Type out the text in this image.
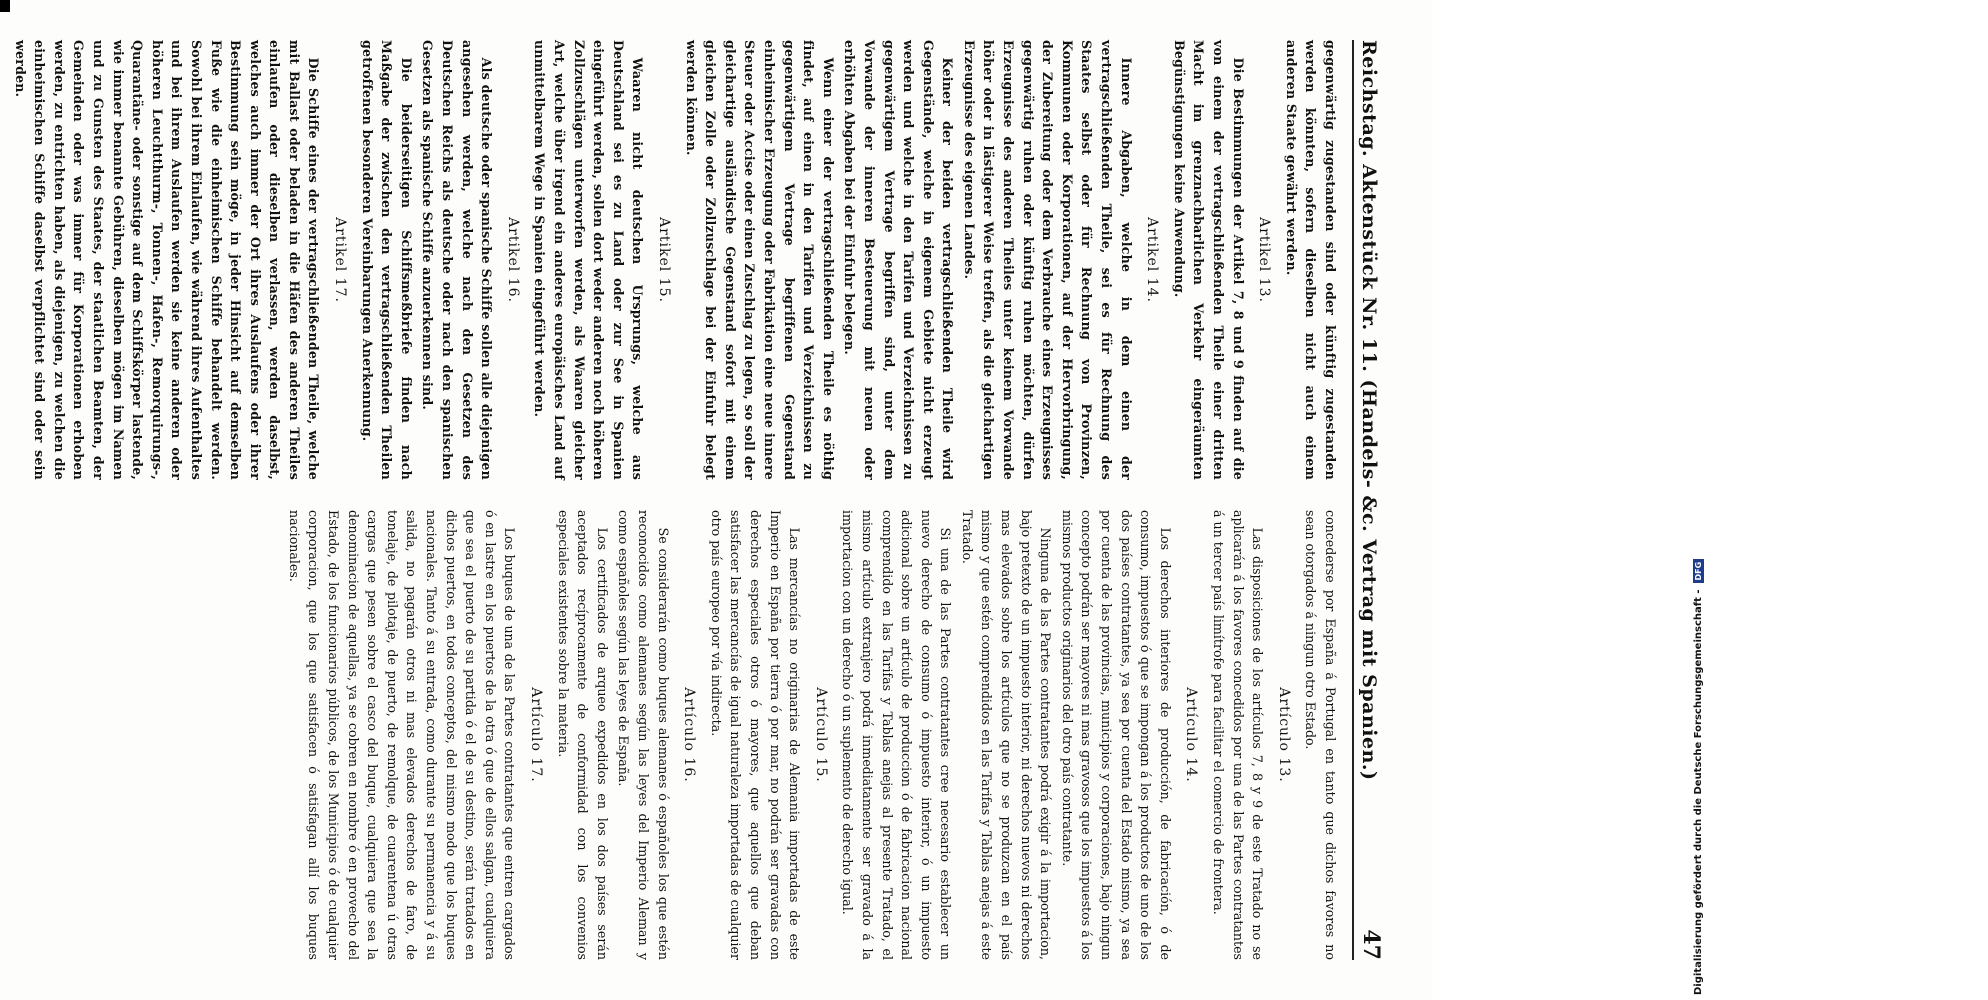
Reichstag. Aktenstück Nr. 11. (Handels- &c. Vertrag mit Spanien.)
47

gegenwärtig zugestanden sind oder künftig zugestanden werden könnten, sofern dieselben nicht auch einem anderen Staate gewährt werden.

Artikel 13.

Die Bestimmungen der Artikel 7, 8 und 9 finden auf die von einem der vertragschließenden Theile einer dritten Macht im grenznachbarlichen Verkehr eingeräumten Begünstigungen keine Anwendung.

Artikel 14.

Innere Abgaben, welche in dem einen der vertragschließenden Theile, sei es für Rechnung des Staates selbst oder für Rechnung von Provinzen, Kommunen oder Korporationen, auf der Hervorbringung, der Zubereitung oder dem Verbrauche eines Erzeugnisses gegenwärtig ruhen oder künftig ruhen möchten, dürfen Erzeugnisse des anderen Theiles unter keinem Vorwande höher oder in lästigerer Weise treffen, als die gleichartigen Erzeugnisse des eigenen Landes.

Keiner der beiden vertragschließenden Theile wird Gegenstände, welche in eigenem Gebiete nicht erzeugt werden und welche in den Tarifen und Verzeichnissen zu gegenwärtigem Vertrage begriffen sind, unter dem Vorwande der inneren Besteuerung mit neuen oder erhöhten Abgaben bei der Einfuhr belegen.

Wenn einer der vertragschließenden Theile es nöthig findet, auf einen in den Tarifen und Verzeichnissen zu gegenwärtigem Vertrage begriffenen Gegenstand einheimischer Erzeugung oder Fabrikation eine neue innere Steuer oder Accise oder einen Zuschlag zu legen, so soll der gleichartige ausländische Gegenstand sofort mit einem gleichen Zolle oder Zollzuschlage bei der Einfuhr belegt werden können.

Artikel 15.

Waaren nicht deutschen Ursprungs, welche aus Deutschland sei es zu Land oder zur See in Spanien eingeführt werden, sollen dort weder anderen noch höheren Zollzuschlägen unterworfen werden, als Waaren gleicher Art, welche über irgend ein anderes europäisches Land auf unmittelbarem Wege in Spanien eingeführt werden.

Artikel 16.

Als deutsche oder spanische Schiffe sollen alle diejenigen angesehen werden, welche nach den Gesetzen des Deutschen Reichs als deutsche oder nach den spanischen Gesetzen als spanische Schiffe anzuerkennen sind.

Die beiderseitigen Schiffsmeßbriefe finden nach Maßgabe der zwischen den vertragschließenden Theilen getroffenen besonderen Vereinbarungen Anerkennung.

Artikel 17.

Die Schiffe eines der vertragschließenden Theile, welche mit Ballast oder beladen in die Häfen des anderen Theiles einlaufen oder dieselben verlassen, werden daselbst, welches auch immer der Ort ihres Auslaufens oder ihrer Bestimmung sein möge, in jeder Hinsicht auf demselben Fuße wie die einheimischen Schiffe behandelt werden. Sowohl bei ihrem Einlaufen, wie während ihres Aufenthaltes und bei ihrem Auslaufen werden sie keine anderen oder höheren Leuchtthurm-, Tonnen-, Hafen-, Remorquirungs-, Quarantäne- oder sonstige auf dem Schiffskörper lastende, wie immer benannte Gebühren, dieselben mögen im Namen und zu Gunsten des Staates, der staatlichen Beamten, der Gemeinden oder was immer für Korporationen erhoben werden, zu entrichten haben, als diejenigen, zu welchen die einheimischen Schiffe daselbst verpflichtet sind oder sein werden.

concederse por España á Portugal en tanto que dichos favores no sean otorgados á ningun otro Estado.

Artículo 13.

Las disposiciones de los artículos 7, 8 y 9 de este Tratado no se aplicarán á los favores concedidos por una de las Partes contratantes á un tercer país limítrofe para facilitar el comercio de frontera.

Artículo 14.

Los derechos interiores de producción, de fabricación, ó de consumo, impuestos ó que se impongan á los productos de uno de los dos países contratantes, ya sea por cuenta del Estado mismo, ya sea por cuenta de las provincias, municipios y corporaciones, bajo ningun concepto podrán ser mayores ni mas gravosos que los impuestos á los mismos productos originarios del otro país contratante.

Ninguna de las Partes contratantes podrá exigir á la importacion, bajo pretexto de un impuesto interior, ni derechos nuevos ni derechos mas elevados sobre los artículos que no se produzcan en el país mismo y que estén comprendidos en las Tarifas y Tablas anejas á este Tratado.

Si una de las Partes contratantes cree necesario establecer un nuevo derecho de consumo ó impuesto interior, ó un impuesto adicional sobre un artículo de produccion ó de fabricacion nacional comprendido en las Tarifas y Tablas anejas al presente Tratado, el mismo artículo extranjero podrá inmediatamente ser gravado á la importacion con un derecho ó un suplemento de derecho igual.

Artículo 15.

Las mercancías no originarias de Alemania importadas de este Imperio en España por tierra ó por mar, no podrán ser gravadas con derechos especiales otros ó mayores, que aquellos que deban satisfacer las mercancías de igual naturaleza importadas de cualquier otro país europeo por vía indirecta.

Artículo 16.

Se considerarán como buques alemanes ó españoles los que estén reconocidos como alemanes según las leyes del Imperio Aleman y como españoles según las leyes de España.

Los certificados de arqueo expedidos en los dos países serán aceptados recíprocamente de conformidad con los convenios especiales existentes sobre la materia.

Artículo 17.

Los buques de una de las Partes contratantes que entren cargados ó en lastre en los puertos de la otra ó que de ellos salgan, cualquiera que sea el puerto de su partida ó el de su destino, serán tratados en dichos puertos, en todos conceptos, del mismo modo que los buques nacionales. Tanto á su entrada, como durante su permanencia y á su salida, no pagarán otros ni mas elevados derechos de faro, de tonelaje, de pilotaje, de puerto, de remolque, de cuarentena ú otras cargas que pesen sobre el casco del buque, cualquiera que sea la denominacion de aquellas, ya se cobren en nombre ó en provecho del Estado, de los funcionarios públicos, de los Municipios ó de cualquier corporacion, que los que satisfacen ó satisfagan allí los buques nacionales.

Digitalisierung gefördert durch die Deutsche Forschungsgemeinschaft -
DFG
